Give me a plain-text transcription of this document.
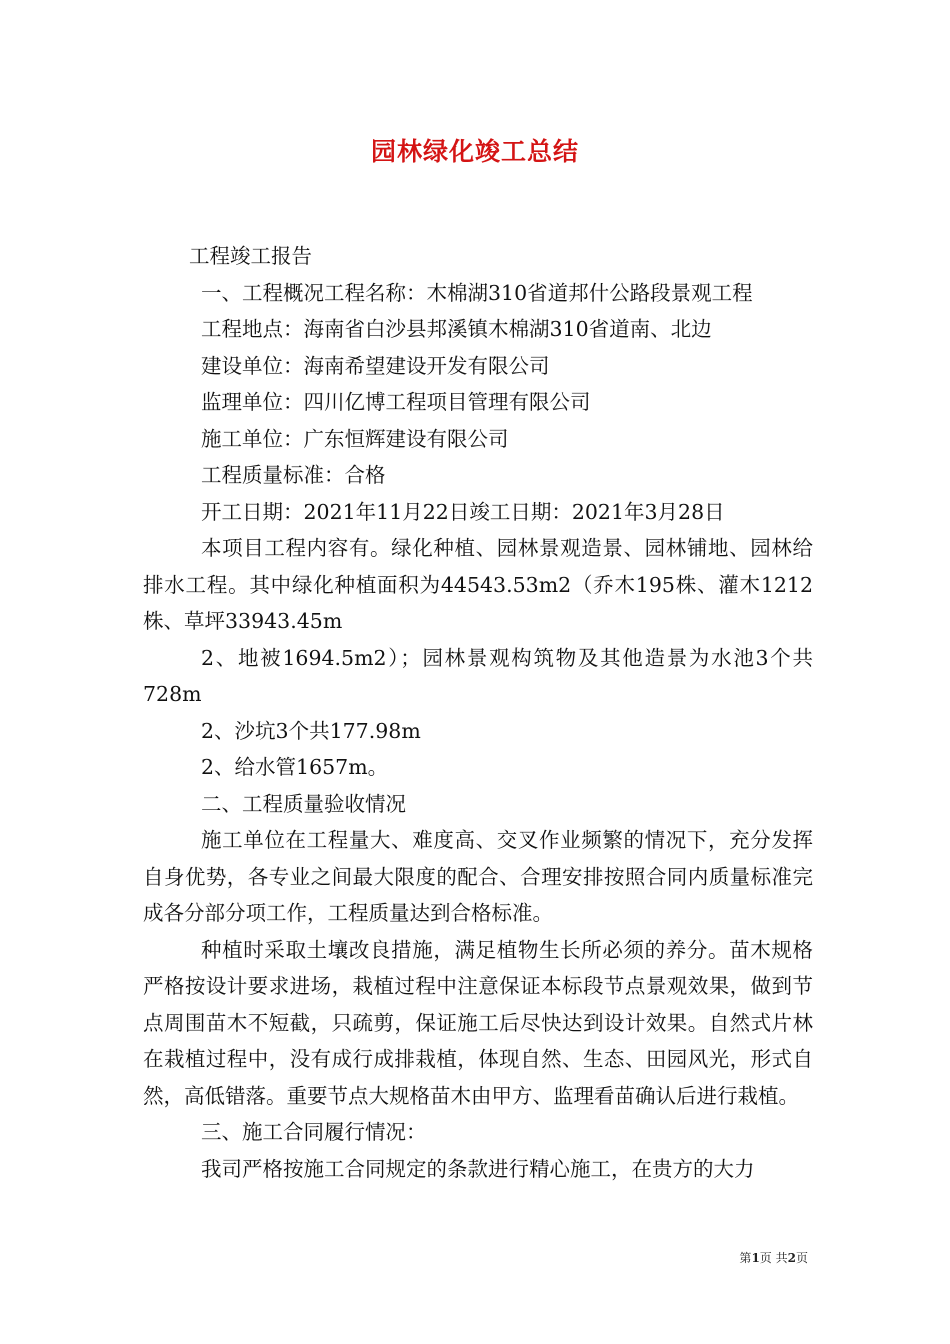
园林绿化竣工总结

工程竣工报告

一、工程概况工程名称：木棉湖310省道邦什公路段景观工程

工程地点：海南省白沙县邦溪镇木棉湖310省道南、北边

建设单位：海南希望建设开发有限公司

监理单位：四川亿博工程项目管理有限公司

施工单位：广东恒辉建设有限公司

工程质量标准：合格

开工日期：2021年11月22日竣工日期：2021年3月28日

本项目工程内容有。绿化种植、园林景观造景、园林铺地、园林给排水工程。其中绿化种植面积为44543.53m2（乔木195株、灌木1212株、草坪33943.45m

2、地被1694.5m2）；园林景观构筑物及其他造景为水池3个共728m

2、沙坑3个共177.98m

2、给水管1657m。

二、工程质量验收情况

施工单位在工程量大、难度高、交叉作业频繁的情况下，充分发挥自身优势，各专业之间最大限度的配合、合理安排按照合同内质量标准完成各分部分项工作，工程质量达到合格标准。

种植时采取土壤改良措施，满足植物生长所必须的养分。苗木规格严格按设计要求进场，栽植过程中注意保证本标段节点景观效果，做到节点周围苗木不短截，只疏剪，保证施工后尽快达到设计效果。自然式片林在栽植过程中，没有成行成排栽植，体现自然、生态、田园风光，形式自然，高低错落。重要节点大规格苗木由甲方、监理看苗确认后进行栽植。

三、施工合同履行情况：

我司严格按施工合同规定的条款进行精心施工，在贵方的大力

第1页 共2页
